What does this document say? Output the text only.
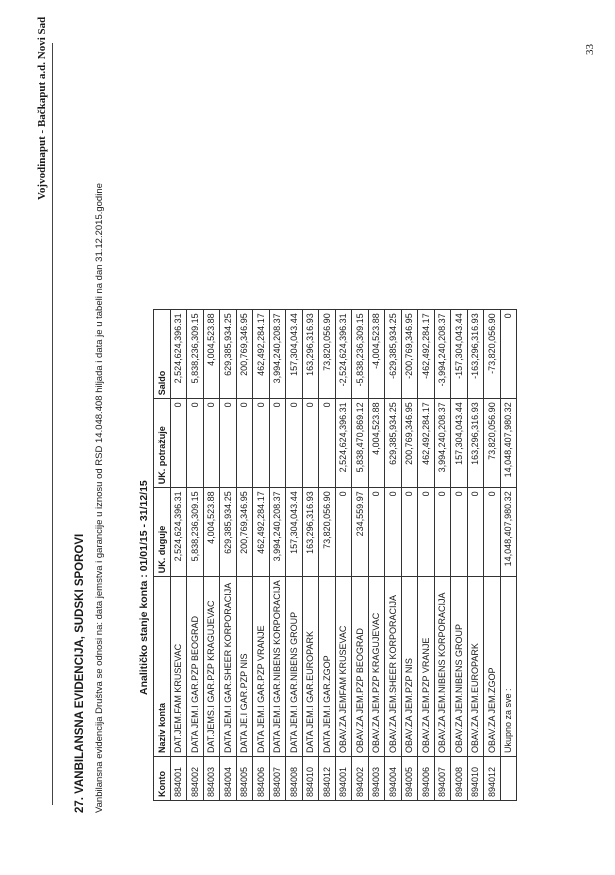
Vojvodinaput - Bačkaput a.d. Novi Sad
27. VANBILANSNA EVIDENCIJA, SUDSKI SPOROVI Vanbilansna evidencija Društva se odnosi na: data jemstva i garancije u iznosu od RSD 14.048.408 hiljada i data je u tabeli na dan 31.12.2015.godine	Analitičko stanje konta : 01/01/15 - 31/12/15
Konto	Naziv konta	UK. duguje	UK. potražuje	Saldo
884001	DAT.JEM.FAM KRUSEVAC	2,524,624,396.31	0	2,524,624,396.31
884002	DATA JEM.I GAR.PZP BEOGRAD	5,838,236,309.15	0	5,838,236,309.15
884003	DAT.JEMS.I GAR.PZP KRAGUJEVAC	4,004,523.88	0	4,004,523.88
884004	DATA JEM.I GAR.SHEER KORPORACIJA	629,385,934.25	0	629,385,934.25
884005	DATA JE.I GAR.PZP NIS	200,769,346.95	0	200,769,346.95
884006	DATA JEM.I GAR.PZP VRANJE	462,492,284.17	0	462,492,284.17
884007	DATA JEM.I GAR.NIBENS KORPORACIJA	3,994,240,208.37	0	3,994,240,208.37
884008	DATA JEM.I GAR.NIBENS GROUP	157,304,043.44	0	157,304,043.44
884010	DATA JEM.I GAR.EUROPARK	163,296,316.93	0	163,296,316.93
884012	DATA JEM.I GAR.ZGOP	73,820,056.90	0	73,820,056.90
894001	OBAV.ZA JEMFAM KRUSEVAC	0	2,524,624,396.31	-2,524,624,396.31
894002	OBAV.ZA JEM.PZP BEOGRAD	234,559.97	5,838,470,869.12	-5,838,236,309.15
894003	OBAV.ZA JEM.PZP KRAGUJEVAC	0	4,004,523.88	-4,004,523.88
894004	OBAV.ZA JEM.SHEER KORPORACIJA	0	629,385,934.25	-629,385,934.25
894005	OBAV.ZA JEM.PZP NIS	0	200,769,346.95	-200,769,346.95
894006	OBAV.ZA JEM.PZP VRANJE	0	462,492,284.17	-462,492,284.17
894007	OBAV.ZA JEM.NIBENS KORPORACIJA	0	3,994,240,208.37	-3,994,240,208.37
894008	OBAV.ZA JEM.NIBENS GROUP	0	157,304,043.44	-157,304,043.44
894010	OBAV.ZA JEM.EUROPARK	0	163,296,316.93	-163,296,316.93
894012	OBAV.ZA JEM.ZGOP	0	73,820,056.90	-73,820,056.90
	Ukupno za sve :	14,048,407,980.32	14,048,407,980.32	0
33
